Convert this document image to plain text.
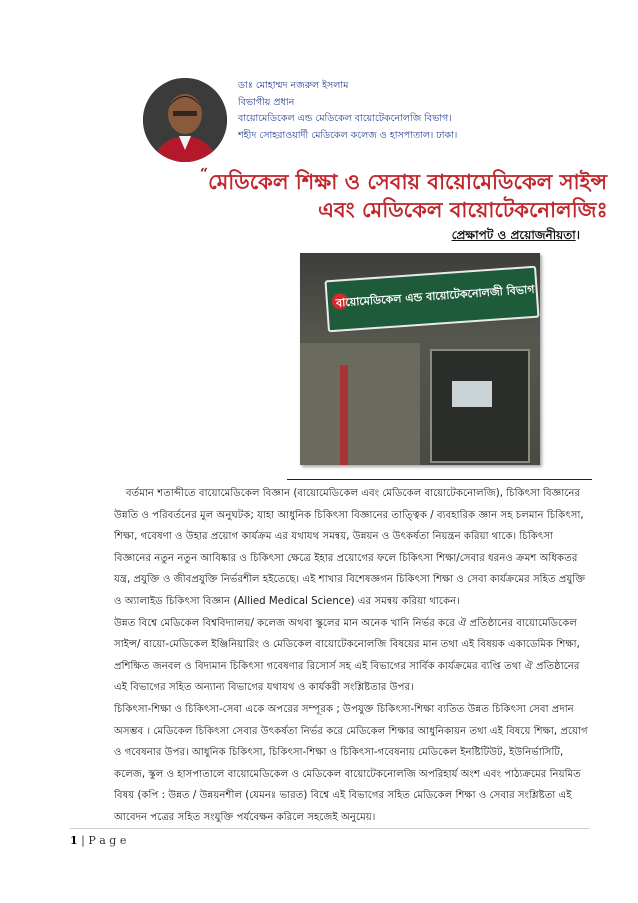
ডাঃ মোহাম্মদ নজরুল ইসলাম
বিভাগীয় প্রধান
বায়োমেডিকেল এন্ড মেডিকেল বায়োটেকনোলজি বিভাগ।
শহীদ সোহরাওয়ার্দী মেডিকেল কলেজ ও হাসপাতাল। ঢাকা।
“মেডিকেল শিক্ষা ও সেবায় বায়োমেডিকেল সাইন্স
এবং মেডিকেল বায়োটেকনোলজিঃ
প্রেক্ষাপট ও প্রয়োজনীয়তা।
বায়োমেডিকেল এন্ড বায়োটেকনোলজী বিভাগ
বর্তমান শতাব্দীতে বায়োমেডিকেল বিজ্ঞান (বায়োমেডিকেল এবং মেডিকেল বায়োটেকনোলজি), চিকিৎসা বিজ্ঞানের
উন্নতি ও পরিবর্তনের মুল অনুঘটক; যাহা আধুনিক চিকিৎসা বিজ্ঞানের তাত্ত্বিক / ব্যবহারিক জ্ঞান সহ চলমান চিকিৎসা,
শিক্ষা, গবেষণা ও উহার প্রয়োগ কার্যক্রম এর যথাযথ সমন্বয়, উন্নয়ন ও উৎকর্ষতা নিয়ন্ত্রন করিয়া থাকে। চিকিৎসা
বিজ্ঞানের নতুন নতুন আবিষ্কার ও চিকিৎসা ক্ষেত্রে ইহার প্রয়োগের ফলে চিকিৎসা শিক্ষা/সেবার ধরনও ক্রমশ অধিকতর
যন্ত্র, প্রযুক্তি ও জীবপ্রযুক্তি নির্ভরশীল হইতেছে। এই শাখার বিশেষজ্ঞগন চিকিৎসা শিক্ষা ও সেবা কার্যক্রমের সহিত প্রযুক্তি
ও অ্যালাইড চিকিৎসা বিজ্ঞান (Allied Medical Science) এর সমন্বয় করিয়া থাকেন।
উন্নত বিশ্বে মেডিকেল বিশ্ববিদ্যালয়/ কলেজ অথবা স্কুলের মান অনেক খানি নির্ভর করে ঐ প্রতিষ্ঠানের বায়োমেডিকেল
সাইন্স/ বায়ো-মেডিকেল ইঞ্জিনিয়ারিং ও মেডিকেল বায়োটেকনোলজি বিষয়ের মান তথা এই বিষয়ক একাডেমিক শিক্ষা,
প্রশিক্ষিত জনবল ও বিদ্যমান চিকিৎসা গবেষণার রিসোর্স সহ এই বিভাগের সার্বিক কার্যক্রমের ব্যপ্তি তথা ঐ প্রতিষ্ঠানের
এই বিভাগের সহিত অন্যান্য বিভাগের যথাযথ ও কার্যকরী সংশ্লিষ্টতার উপর।
চিকিৎসা-শিক্ষা ও চিকিৎসা-সেবা একে অপরের সম্পূরক ; উপযুক্ত চিকিৎসা-শিক্ষা ব্যতিত উন্নত চিকিৎসা সেবা প্রদান
অসম্ভব । মেডিকেল চিকিৎসা সেবার উৎকর্ষতা নির্ভর করে মেডিকেল শিক্ষার আধুনিকায়ন তথা এই বিষয়ে শিক্ষা, প্রয়োগ
ও গবেষনার উপর। আধুনিক চিকিৎসা, চিকিৎসা-শিক্ষা ও চিকিৎসা-গবেষনায় মেডিকেল ইনষ্টিটিউট, ইউনির্ভাসিটি,
কলেজ, স্কুল ও হাসপাতালে বায়োমেডিকেল ও মেডিকেল বায়োটেকনোলজি অপরিহার্য অংশ এবং পাঠ্যক্রমের নিয়মিত
বিষয় (কপি : উন্নত / উন্নয়নশীল (যেমনঃ ভারত) বিশ্বে এই বিভাগের সহিত মেডিকেল শিক্ষা ও সেবার সংশ্লিষ্টতা এই
আবেদন পত্রের সহিত সংযুক্তি পর্যবেক্ষন করিলে সহজেই অনুমেয়।
1 | P a g e
